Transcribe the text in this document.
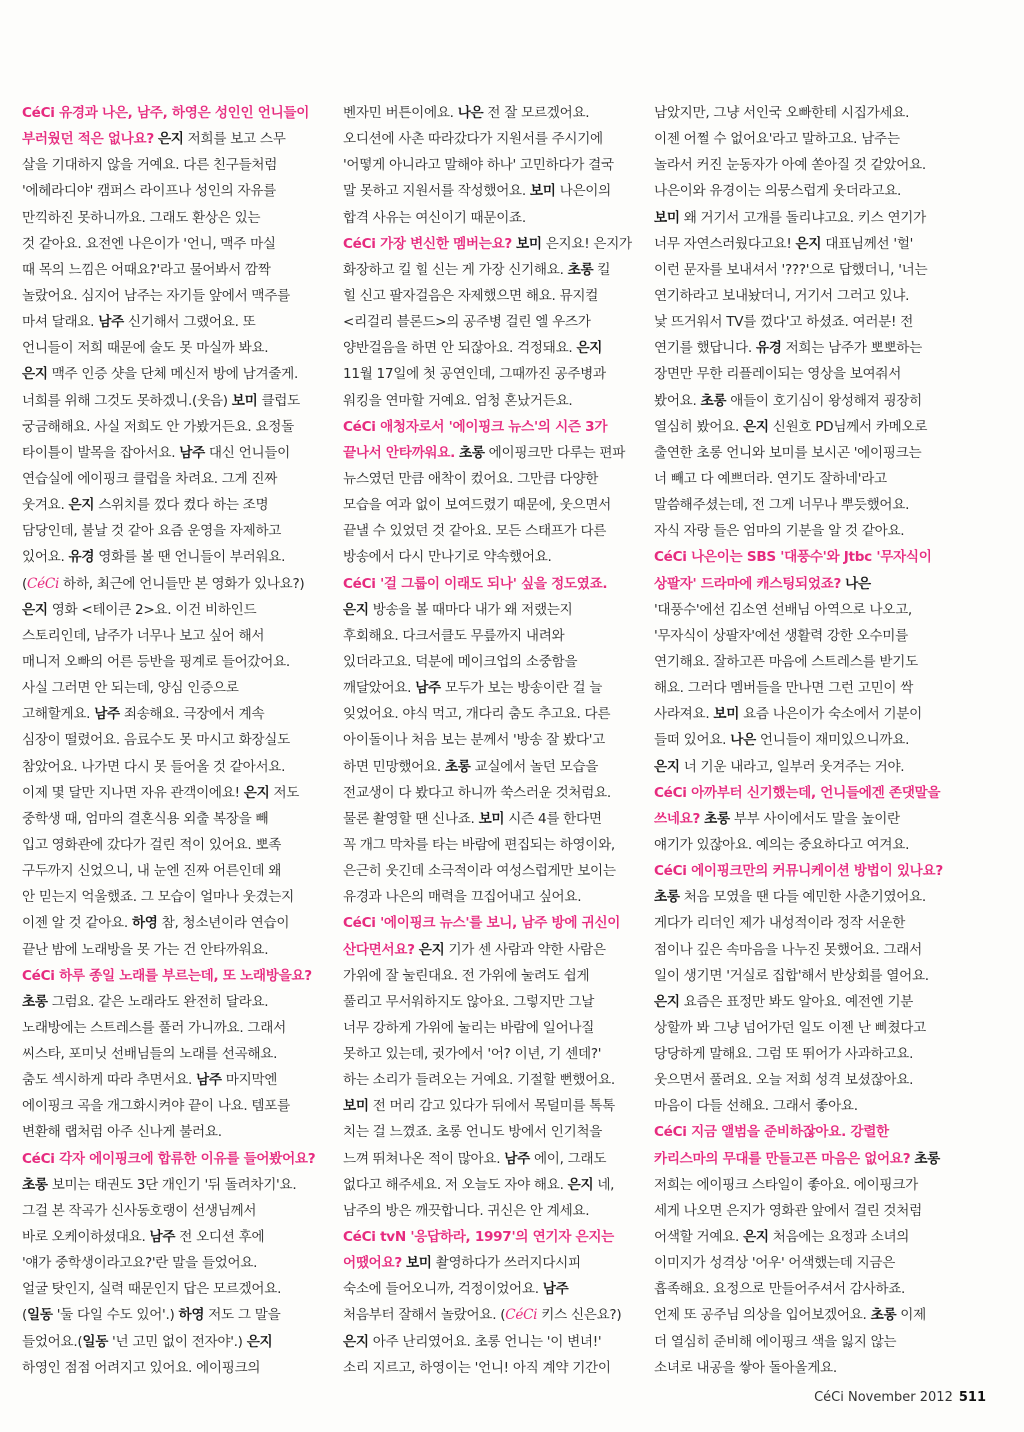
CéCi 유경과 나은, 남주, 하영은 성인인 언니들이
부러웠던 적은 없나요? 은지 저희를 보고 스무
살을 기대하지 않을 거예요. 다른 친구들처럼
'에헤라디야' 캠퍼스 라이프나 성인의 자유를
만끽하진 못하니까요. 그래도 환상은 있는
것 같아요. 요전엔 나은이가 '언니, 맥주 마실
때 목의 느낌은 어때요?'라고 물어봐서 깜짝
놀랐어요. 심지어 남주는 자기들 앞에서 맥주를
마셔 달래요. 남주 신기해서 그랬어요. 또
언니들이 저희 때문에 술도 못 마실까 봐요.
은지 맥주 인증 샷을 단체 메신저 방에 남겨줄게.
너희를 위해 그것도 못하겠니.(웃음) 보미 클럽도
궁금해해요. 사실 저희도 안 가봤거든요. 요정돌
타이틀이 발목을 잡아서요. 남주 대신 언니들이
연습실에 에이핑크 클럽을 차려요. 그게 진짜
웃겨요. 은지 스위치를 껐다 켰다 하는 조명
담당인데, 불날 것 같아 요즘 운영을 자제하고
있어요. 유경 영화를 볼 땐 언니들이 부러워요.
(CéCi 하하, 최근에 언니들만 본 영화가 있나요?)
은지 영화 <테이큰 2>요. 이건 비하인드
스토리인데, 남주가 너무나 보고 싶어 해서
매니저 오빠의 어른 등반을 핑계로 들어갔어요.
사실 그러면 안 되는데, 양심 인증으로
고해할게요. 남주 죄송해요. 극장에서 계속
심장이 떨렸어요. 음료수도 못 마시고 화장실도
참았어요. 나가면 다시 못 들어올 것 같아서요.
이제 몇 달만 지나면 자유 관객이에요! 은지 저도
중학생 때, 엄마의 결혼식용 외출 복장을 빼
입고 영화관에 갔다가 걸린 적이 있어요. 뽀족
구두까지 신었으니, 내 눈엔 진짜 어른인데 왜
안 믿는지 억울했죠. 그 모습이 얼마나 웃겼는지
이젠 알 것 같아요. 하영 참, 청소년이라 연습이
끝난 밤에 노래방을 못 가는 건 안타까워요.
CéCi 하루 종일 노래를 부르는데, 또 노래방을요?
초롱 그럼요. 같은 노래라도 완전히 달라요.
노래방에는 스트레스를 풀러 가니까요. 그래서
씨스타, 포미닛 선배님들의 노래를 선곡해요.
춤도 섹시하게 따라 추면서요. 남주 마지막엔
에이핑크 곡을 개그화시켜야 끝이 나요. 템포를
변환해 랩처럼 아주 신나게 불러요.
CéCi 각자 에이핑크에 합류한 이유를 들어봤어요?
초롱 보미는 태권도 3단 개인기 '뒤 돌려차기'요.
그걸 본 작곡가 신사동호랭이 선생님께서
바로 오케이하셨대요. 남주 전 오디션 후에
'얘가 중학생이라고요?'란 말을 들었어요.
얼굴 탓인지, 실력 때문인지 답은 모르겠어요.
(일동 '둘 다일 수도 있어'.) 하영 저도 그 말을
들었어요.(일동 '넌 고민 없이 전자야'.) 은지
하영인 점점 어려지고 있어요. 에이핑크의
벤자민 버튼이에요. 나은 전 잘 모르겠어요.
오디션에 사촌 따라갔다가 지원서를 주시기에
'어떻게 아니라고 말해야 하나' 고민하다가 결국
말 못하고 지원서를 작성했어요. 보미 나은이의
합격 사유는 여신이기 때문이죠.
CéCi 가장 변신한 멤버는요? 보미 은지요! 은지가
화장하고 킬 힐 신는 게 가장 신기해요. 초롱 킬
힐 신고 팔자걸음은 자제했으면 해요. 뮤지컬
<리걸리 블론드>의 공주병 걸린 엘 우즈가
양반걸음을 하면 안 되잖아요. 걱정돼요. 은지
11월 17일에 첫 공연인데, 그때까진 공주병과
워킹을 연마할 거예요. 엄청 혼났거든요.
CéCi 애청자로서 '에이핑크 뉴스'의 시즌 3가
끝나서 안타까워요. 초롱 에이핑크만 다루는 편파
뉴스였던 만큼 애착이 컸어요. 그만큼 다양한
모습을 여과 없이 보여드렸기 때문에, 웃으면서
끝낼 수 있었던 것 같아요. 모든 스태프가 다른
방송에서 다시 만나기로 약속했어요.
CéCi '걸 그룹이 이래도 되나' 싶을 정도였죠.
은지 방송을 볼 때마다 내가 왜 저랬는지
후회해요. 다크서클도 무릎까지 내려와
있더라고요. 덕분에 메이크업의 소중함을
깨달았어요. 남주 모두가 보는 방송이란 걸 늘
잊었어요. 야식 먹고, 개다리 춤도 추고요. 다른
아이돌이나 처음 보는 분께서 '방송 잘 봤다'고
하면 민망했어요. 초롱 교실에서 놀던 모습을
전교생이 다 봤다고 하니까 쑥스러운 것처럼요.
물론 촬영할 땐 신나죠. 보미 시즌 4를 한다면
꼭 개그 막차를 타는 바람에 편집되는 하영이와,
은근히 웃긴데 소극적이라 여성스럽게만 보이는
유경과 나은의 매력을 끄집어내고 싶어요.
CéCi '에이핑크 뉴스'를 보니, 남주 방에 귀신이
산다면서요? 은지 기가 센 사람과 약한 사람은
가위에 잘 눌린대요. 전 가위에 눌려도 쉽게
풀리고 무서워하지도 않아요. 그렇지만 그날
너무 강하게 가위에 눌리는 바람에 일어나질
못하고 있는데, 귓가에서 '어? 이년, 기 센데?'
하는 소리가 들려오는 거예요. 기절할 뻔했어요.
보미 전 머리 감고 있다가 뒤에서 목덜미를 톡톡
치는 걸 느꼈죠. 초롱 언니도 방에서 인기척을
느껴 뛰쳐나온 적이 많아요. 남주 에이, 그래도
없다고 해주세요. 저 오늘도 자야 해요. 은지 네,
남주의 방은 깨끗합니다. 귀신은 안 계세요.
CéCi tvN '응답하라, 1997'의 연기자 은지는
어땠어요? 보미 촬영하다가 쓰러지다시피
숙소에 들어오니까, 걱정이었어요. 남주
처음부터 잘해서 놀랐어요. (CéCi 키스 신은요?)
은지 아주 난리였어요. 초롱 언니는 '이 변녀!'
소리 지르고, 하영이는 '언니! 아직 계약 기간이
남았지만, 그냥 서인국 오빠한테 시집가세요.
이젠 어쩔 수 없어요'라고 말하고요. 남주는
놀라서 커진 눈동자가 아예 쏟아질 것 같았어요.
나은이와 유경이는 의뭉스럽게 웃더라고요.
보미 왜 거기서 고개를 돌리냐고요. 키스 연기가
너무 자연스러웠다고요! 은지 대표님께선 '헐'
이런 문자를 보내셔서 '???'으로 답했더니, '너는
연기하라고 보내놨더니, 거기서 그러고 있냐.
낯 뜨거워서 TV를 껐다'고 하셨죠. 여러분! 전
연기를 했답니다. 유경 저희는 남주가 뽀뽀하는
장면만 무한 리플레이되는 영상을 보여줘서
봤어요. 초롱 애들이 호기심이 왕성해져 굉장히
열심히 봤어요. 은지 신원호 PD님께서 카메오로
출연한 초롱 언니와 보미를 보시곤 '에이핑크는
너 빼고 다 예쁘더라. 연기도 잘하네'라고
말씀해주셨는데, 전 그게 너무나 뿌듯했어요.
자식 자랑 들은 엄마의 기분을 알 것 같아요.
CéCi 나은이는 SBS '대풍수'와 Jtbc '무자식이
상팔자' 드라마에 캐스팅되었죠? 나은
'대풍수'에선 김소연 선배님 아역으로 나오고,
'무자식이 상팔자'에선 생활력 강한 오수미를
연기해요. 잘하고픈 마음에 스트레스를 받기도
해요. 그러다 멤버들을 만나면 그런 고민이 싹
사라져요. 보미 요즘 나은이가 숙소에서 기분이
들떠 있어요. 나은 언니들이 재미있으니까요.
은지 너 기운 내라고, 일부러 웃겨주는 거야.
CéCi 아까부터 신기했는데, 언니들에겐 존댓말을
쓰네요? 초롱 부부 사이에서도 말을 높이란
얘기가 있잖아요. 예의는 중요하다고 여겨요.
CéCi 에이핑크만의 커뮤니케이션 방법이 있나요?
초롱 처음 모였을 땐 다들 예민한 사춘기였어요.
게다가 리더인 제가 내성적이라 정작 서운한
점이나 깊은 속마음을 나누진 못했어요. 그래서
일이 생기면 '거실로 집합'해서 반상회를 열어요.
은지 요즘은 표정만 봐도 알아요. 예전엔 기분
상할까 봐 그냥 넘어가던 일도 이젠 난 삐쳤다고
당당하게 말해요. 그럼 또 뛰어가 사과하고요.
웃으면서 풀려요. 오늘 저희 성격 보셨잖아요.
마음이 다들 선해요. 그래서 좋아요.
CéCi 지금 앨범을 준비하잖아요. 강렬한
카리스마의 무대를 만들고픈 마음은 없어요? 초롱
저희는 에이핑크 스타일이 좋아요. 에이핑크가
세게 나오면 은지가 영화관 앞에서 걸린 것처럼
어색할 거예요. 은지 처음에는 요정과 소녀의
이미지가 성격상 '어우' 어색했는데 지금은
흡족해요. 요정으로 만들어주셔서 감사하죠.
언제 또 공주님 의상을 입어보겠어요. 초롱 이제
더 열심히 준비해 에이핑크 색을 잃지 않는
소녀로 내공을 쌓아 돌아올게요.
CéCi November 2012 511
